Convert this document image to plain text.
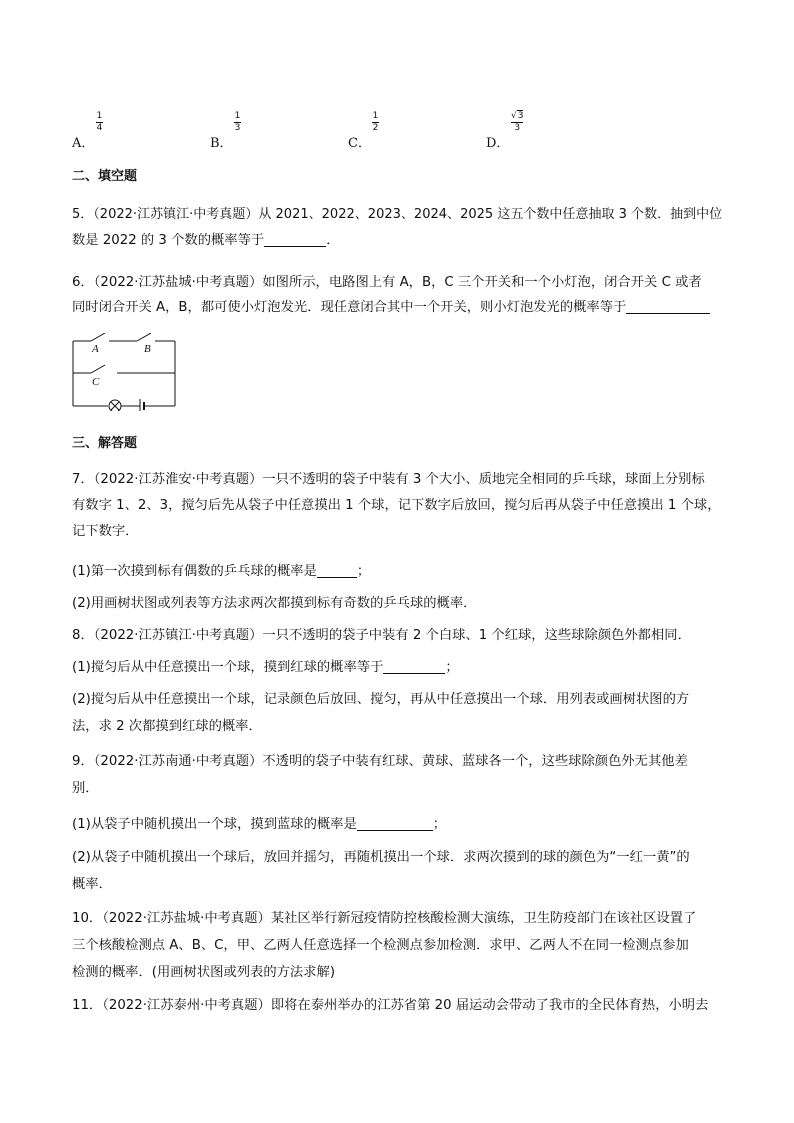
1
4
A．
1
3
B．
1
2
C．
√3
3
D．
二、填空题
5．（2022·江苏镇江·中考真题）从 2021、2022、2023、2024、2025 这五个数中任意抽取 3 个数．抽到中位
数是 2022 的 3 个数的概率等于	．
6．（2022·江苏盐城·中考真题）如图所示，电路图上有 A，B，C 三个开关和一个小灯泡，闭合开关 C 或者
同时闭合开关 A，B，都可使小灯泡发光．现任意闭合其中一个开关，则小灯泡发光的概率等于
A	B
C
三、解答题
7．（2022·江苏淮安·中考真题）一只不透明的袋子中装有 3 个大小、质地完全相同的乒乓球，球面上分别标
有数字 1、2、3，搅匀后先从袋子中任意摸出 1 个球，记下数字后放回，搅匀后再从袋子中任意摸出 1 个球，
记下数字．
(1)第一次摸到标有偶数的乒乓球的概率是	；
(2)用画树状图或列表等方法求两次都摸到标有奇数的乒乓球的概率．
8．（2022·江苏镇江·中考真题）一只不透明的袋子中装有 2 个白球、1 个红球，这些球除颜色外都相同．
(1)搅匀后从中任意摸出一个球，摸到红球的概率等于	；
(2)搅匀后从中任意摸出一个球，记录颜色后放回、搅匀，再从中任意摸出一个球．用列表或画树状图的方
法，求 2 次都摸到红球的概率．
9．（2022·江苏南通·中考真题）不透明的袋子中装有红球、黄球、蓝球各一个，这些球除颜色外无其他差
别．
(1)从袋子中随机摸出一个球，摸到蓝球的概率是	；
(2)从袋子中随机摸出一个球后，放回并摇匀，再随机摸出一个球．求两次摸到的球的颜色为“一红一黄”的
概率．
10．（2022·江苏盐城·中考真题）某社区举行新冠疫情防控核酸检测大演练，卫生防疫部门在该社区设置了
三个核酸检测点 A、B、C，甲、乙两人任意选择一个检测点参加检测．求甲、乙两人不在同一检测点参加
检测的概率．(用画树状图或列表的方法求解)
11．（2022·江苏泰州·中考真题）即将在泰州举办的江苏省第 20 届运动会带动了我市的全民体育热，小明去
